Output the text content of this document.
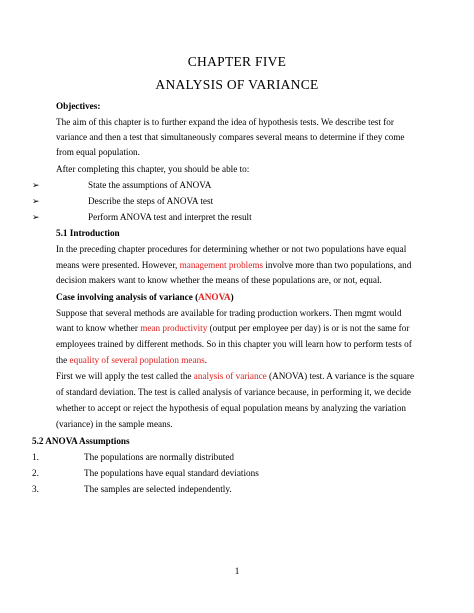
CHAPTER FIVE
ANALYSIS OF VARIANCE
Objectives:
The aim of this chapter is to further expand the idea of hypothesis tests. We describe test for
variance and then a test that simultaneously compares several means to determine if they come
from equal population.
After completing this chapter, you should be able to:
➢	State the assumptions of ANOVA
➢	Describe the steps of ANOVA test
➢	Perform ANOVA test and interpret the result
5.1 Introduction
In the preceding chapter procedures for determining whether or not two populations have equal
means were presented. However, management problems involve more than two populations, and
decision makers want to know whether the means of these populations are, or not, equal.
Case involving analysis of variance (ANOVA)
Suppose that several methods are available for trading production workers. Then mgmt would
want to know whether mean productivity (output per employee per day) is or is not the same for
employees trained by different methods. So in this chapter you will learn how to perform tests of
the equality of several population means.
First we will apply the test called the analysis of variance (ANOVA) test. A variance is the square
of standard deviation. The test is called analysis of variance because, in performing it, we decide
whether to accept or reject the hypothesis of equal population means by analyzing the variation
(variance) in the sample means.
5.2 ANOVA Assumptions
1.	The populations are normally distributed
2.	The populations have equal standard deviations
3.	The samples are selected independently.
1
